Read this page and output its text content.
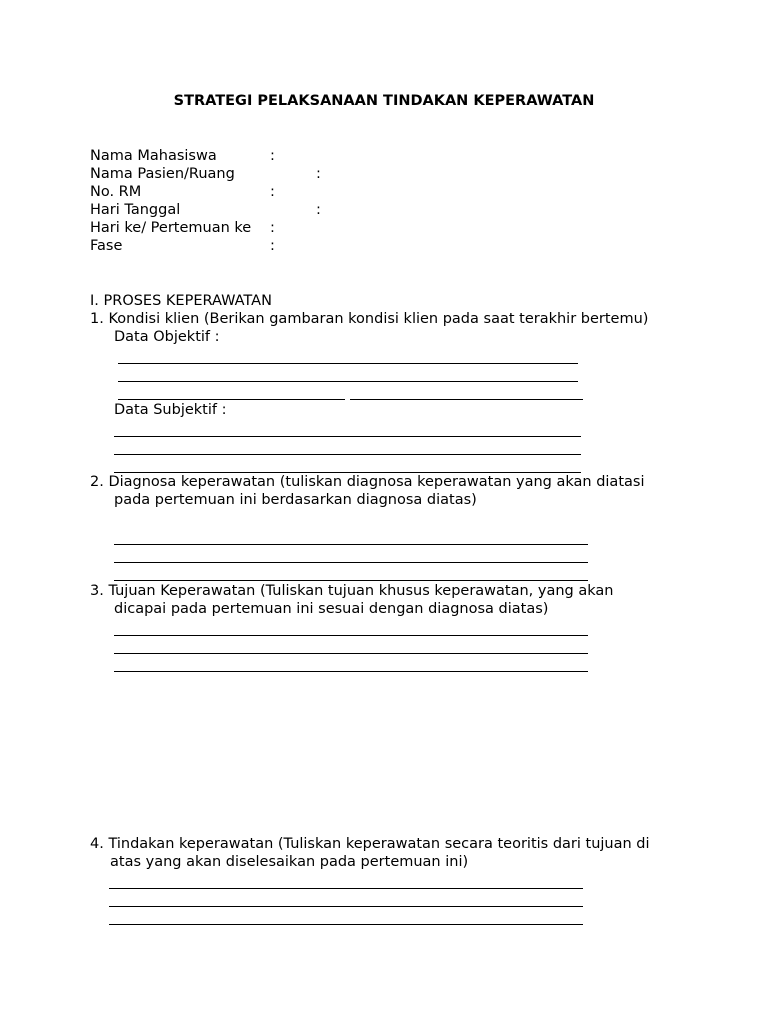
STRATEGI PELAKSANAAN TINDAKAN KEPERAWATAN
Nama Mahasiswa	:
Nama Pasien/Ruang	:
No. RM	:
Hari Tanggal	:
Hari ke/ Pertemuan ke :
Fase	:
I. PROSES KEPERAWATAN
1. Kondisi klien (Berikan gambaran kondisi klien pada saat terakhir bertemu)
Data Objektif :
Data Subjektif :
2. Diagnosa keperawatan (tuliskan diagnosa keperawatan yang akan diatasi
pada pertemuan ini berdasarkan diagnosa diatas)
3. Tujuan Keperawatan (Tuliskan tujuan khusus keperawatan, yang akan
dicapai pada pertemuan ini sesuai dengan diagnosa diatas)
4. Tindakan keperawatan (Tuliskan keperawatan secara teoritis dari tujuan di
atas yang akan diselesaikan pada pertemuan ini)
